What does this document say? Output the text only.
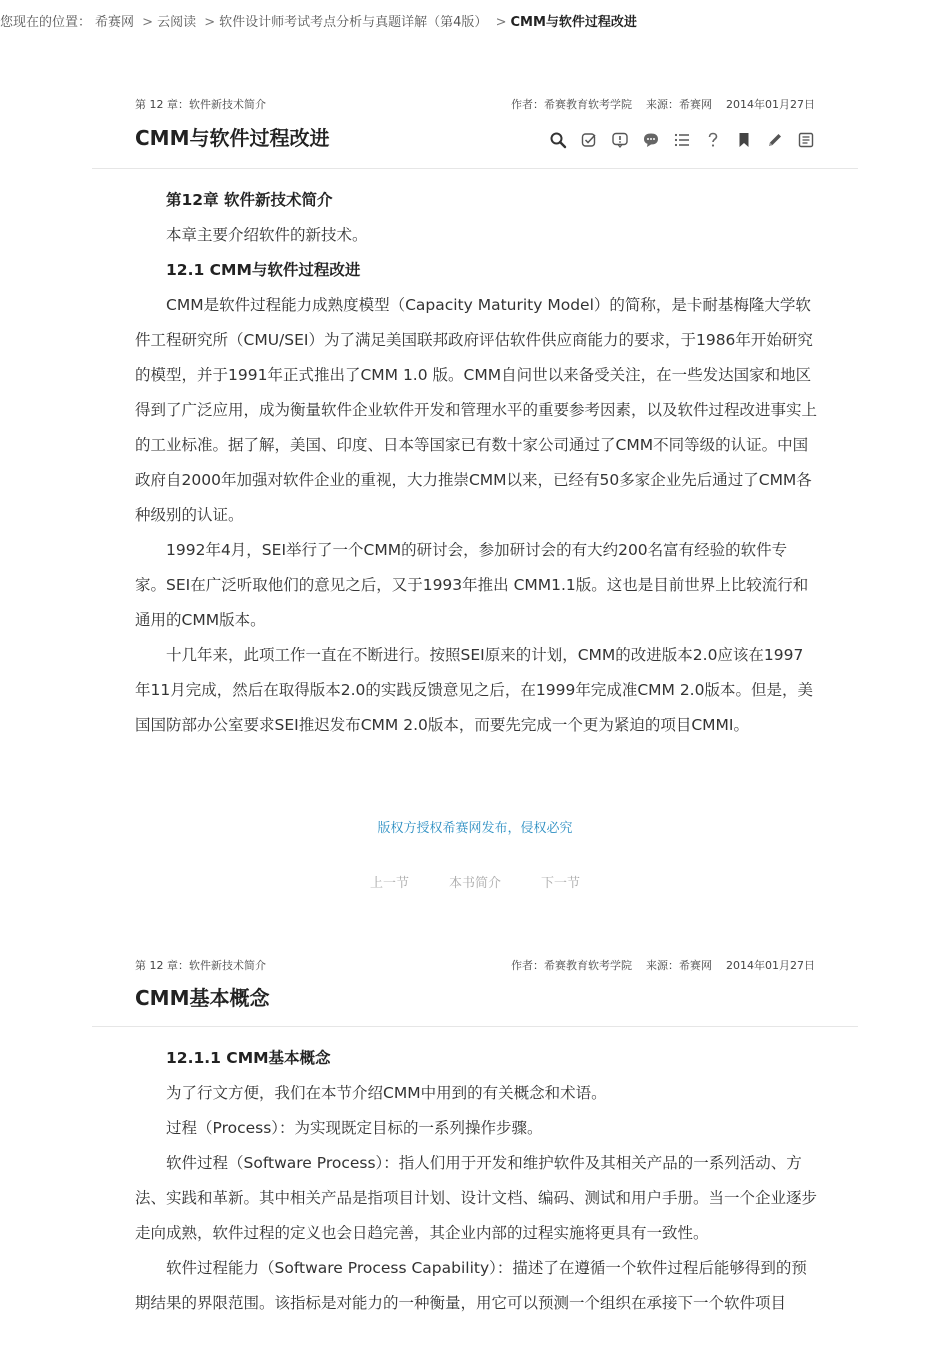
您现在的位置： 希赛网 > 云阅读 > 软件设计师考试考点分析与真题详解（第4版） > CMM与软件过程改进
第 12 章：软件新技术简介	作者：希赛教育软考学院 来源：希赛网 2014年01月27日
CMM与软件过程改进

第12章 软件新技术简介

本章主要介绍软件的新技术。

12.1 CMM与软件过程改进

CMM是软件过程能力成熟度模型（Capacity Maturity Model）的简称，是卡耐基梅隆大学软件工程研究所（CMU/SEI）为了满足美国联邦政府评估软件供应商能力的要求，于1986年开始研究的模型，并于1991年正式推出了CMM 1.0 版。CMM自问世以来备受关注，在一些发达国家和地区得到了广泛应用，成为衡量软件企业软件开发和管理水平的重要参考因素，以及软件过程改进事实上的工业标准。据了解，美国、印度、日本等国家已有数十家公司通过了CMM不同等级的认证。中国政府自2000年加强对软件企业的重视，大力推崇CMM以来，已经有50多家企业先后通过了CMM各种级别的认证。

1992年4月，SEI举行了一个CMM的研讨会，参加研讨会的有大约200名富有经验的软件专家。SEI在广泛听取他们的意见之后，又于1993年推出 CMM1.1版。这也是目前世界上比较流行和通用的CMM版本。

十几年来，此项工作一直在不断进行。按照SEI原来的计划，CMM的改进版本2.0应该在1997年11月完成，然后在取得版本2.0的实践反馈意见之后，在1999年完成准CMM 2.0版本。但是，美国国防部办公室要求SEI推迟发布CMM 2.0版本，而要先完成一个更为紧迫的项目CMMI。

版权方授权希赛网发布，侵权必究
上一节	本书简介	下一节
第 12 章：软件新技术简介	作者：希赛教育软考学院 来源：希赛网 2014年01月27日
CMM基本概念

12.1.1 CMM基本概念

为了行文方便，我们在本节介绍CMM中用到的有关概念和术语。

过程（Process）：为实现既定目标的一系列操作步骤。

软件过程（Software Process）：指人们用于开发和维护软件及其相关产品的一系列活动、方法、实践和革新。其中相关产品是指项目计划、设计文档、编码、测试和用户手册。当一个企业逐步走向成熟，软件过程的定义也会日趋完善，其企业内部的过程实施将更具有一致性。

软件过程能力（Software Process Capability）：描述了在遵循一个软件过程后能够得到的预期结果的界限范围。该指标是对能力的一种衡量，用它可以预测一个组织在承接下一个软件项目
